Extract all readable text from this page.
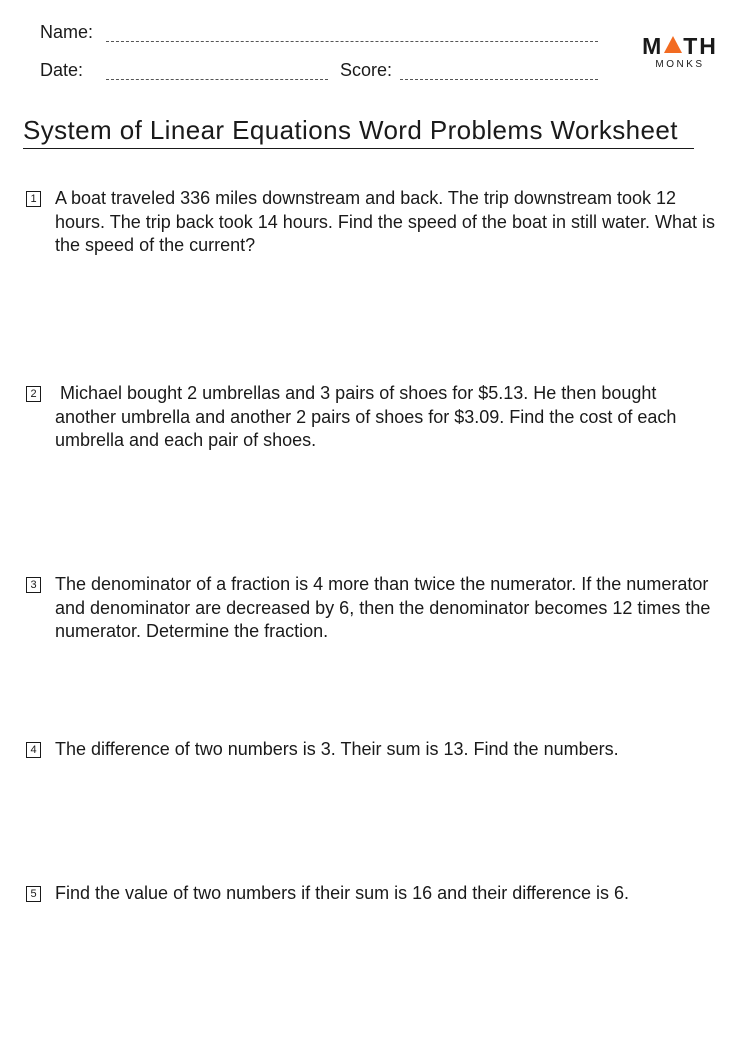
Name:
Date:	Score:
M TH
MONKS
System of Linear Equations Word Problems Worksheet
1 A boat traveled 336 miles downstream and back. The trip downstream took 12 hours. The trip back took 14 hours. Find the speed of the boat in still water. What is the speed of the current?
2 Michael bought 2 umbrellas and 3 pairs of shoes for $5.13. He then bought another umbrella and another 2 pairs of shoes for $3.09. Find the cost of each umbrella and each pair of shoes.
3 The denominator of a fraction is 4 more than twice the numerator. If the numerator and denominator are decreased by 6, then the denominator becomes 12 times the numerator. Determine the fraction.
4 The difference of two numbers is 3. Their sum is 13. Find the numbers.
5 Find the value of two numbers if their sum is 16 and their difference is 6.
